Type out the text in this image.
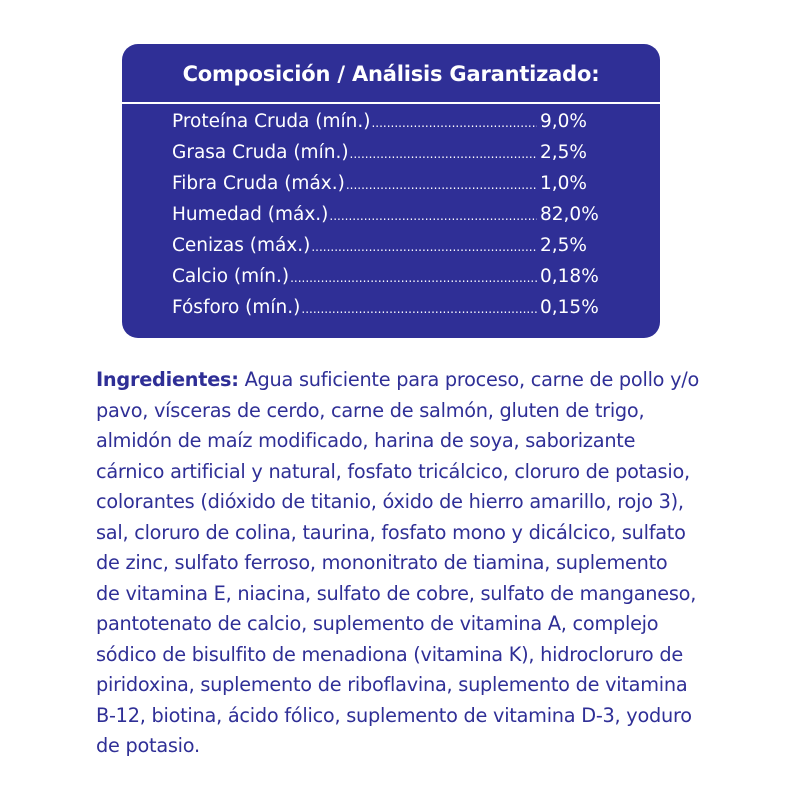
Composición / Análisis Garantizado:
Proteína Cruda (mín.) .....	9,0%
Grasa Cruda (mín.) .....	2,5%
Fibra Cruda (máx.) .....	1,0%
Humedad (máx.) .....	82,0%
Cenizas (máx.) .....	2,5%
Calcio (mín.) .....	0,18%
Fósforo (mín.) .....	0,15%
Ingredientes: Agua suficiente para proceso, carne de pollo y/o
pavo, vísceras de cerdo, carne de salmón, gluten de trigo,
almidón de maíz modificado, harina de soya, saborizante
cárnico artificial y natural, fosfato tricálcico, cloruro de potasio,
colorantes (dióxido de titanio, óxido de hierro amarillo, rojo 3),
sal, cloruro de colina, taurina, fosfato mono y dicálcico, sulfato
de zinc, sulfato ferroso, mononitrato de tiamina, suplemento
de vitamina E, niacina, sulfato de cobre, sulfato de manganeso,
pantotenato de calcio, suplemento de vitamina A, complejo
sódico de bisulfito de menadiona (vitamina K), hidrocloruro de
piridoxina, suplemento de riboflavina, suplemento de vitamina
B-12, biotina, ácido fólico, suplemento de vitamina D-3, yoduro
de potasio.
